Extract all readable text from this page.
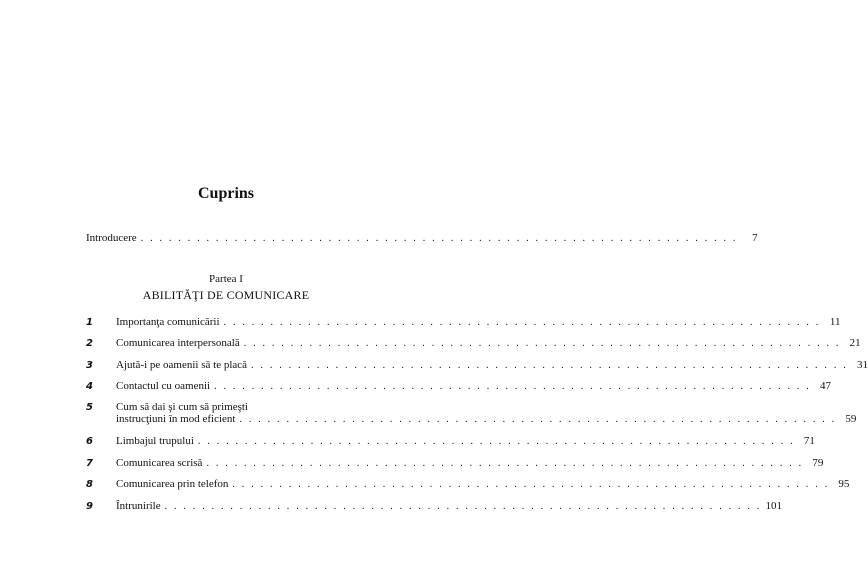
Cuprins
Introducere . . .	7
Partea I
ABILITĂŢI DE COMUNICARE
1	Importanţa comunicării . . .	11
2	Comunicarea interpersonală . . .	21
3	Ajută-i pe oamenii să te placă . . .	31
4	Contactul cu oamenii . . .	47
5	Cum să dai şi cum să primeşti
instrucţiuni în mod eficient . . .	59
6	Limbajul trupului . . .	71
7	Comunicarea scrisă . . .	79
8	Comunicarea prin telefon . . .	95
9	Întrunirile . . .	101
